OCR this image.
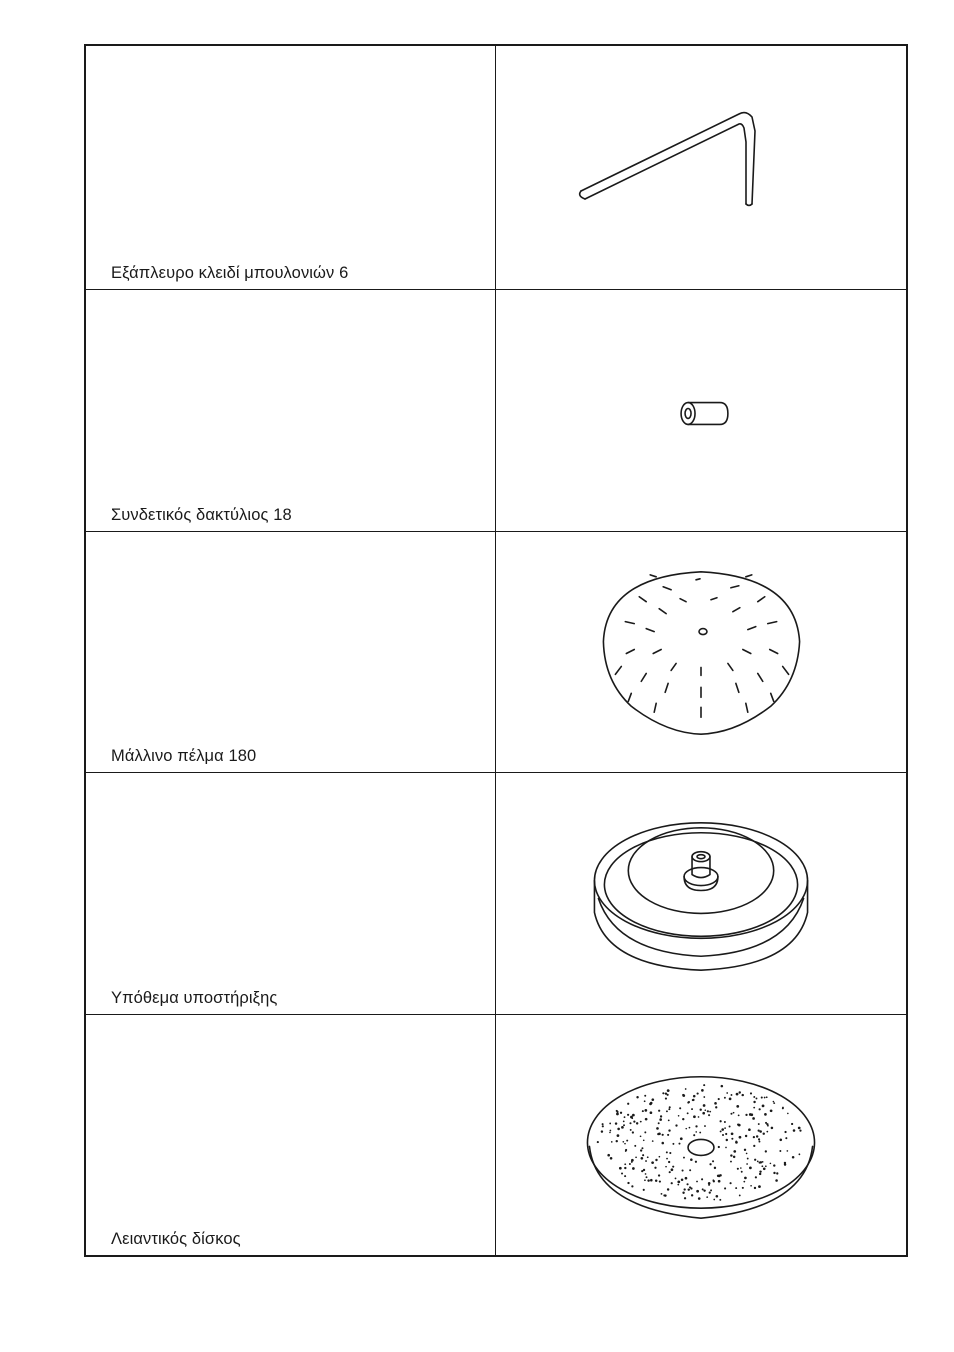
Εξάπλευρο κλειδί μπουλονιών 6
Συνδετικός δακτύλιος 18
Μάλλινο πέλμα 180
Υπόθεμα υποστήριξης
Λειαντικός δίσκος
